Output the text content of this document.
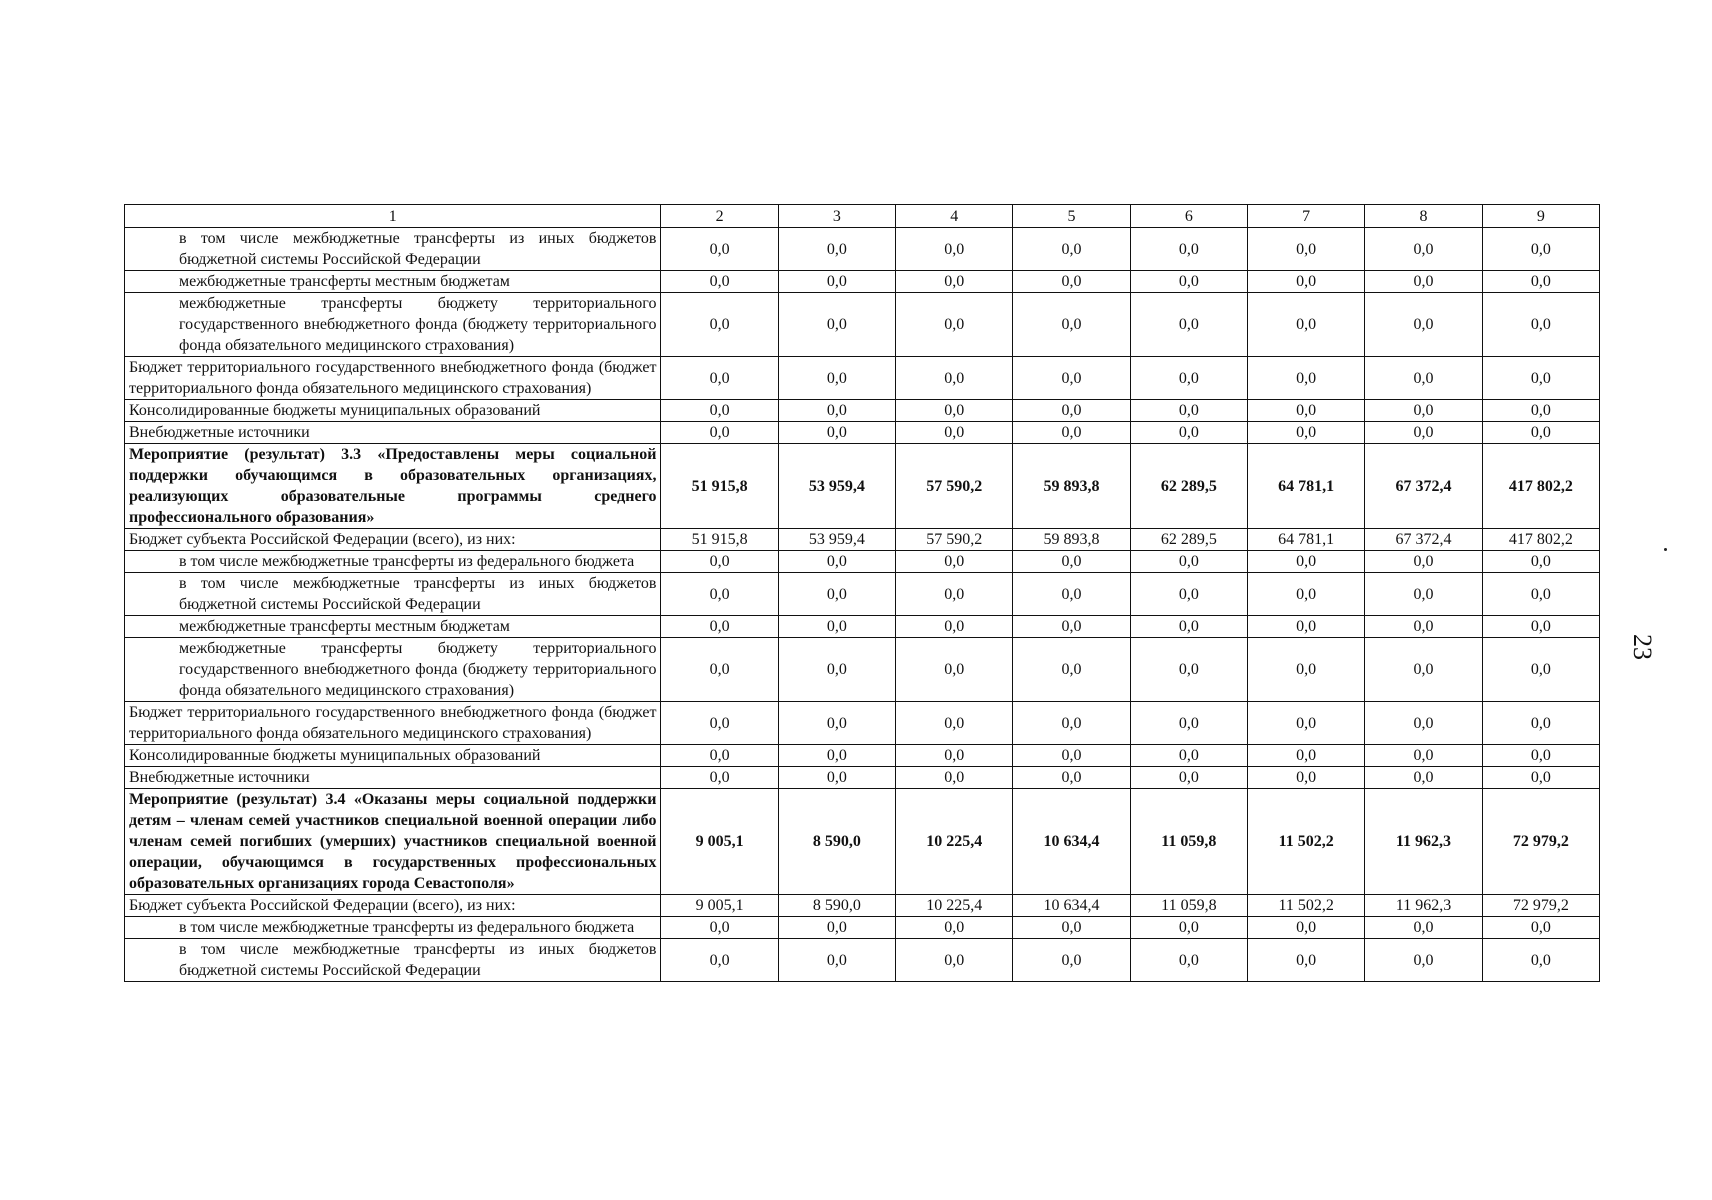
23
1	2	3	4	5	6	7	8	9
в том числе межбюджетные трансферты из иных бюджетов бюджетной системы Российской Федерации	0,0	0,0	0,0	0,0	0,0	0,0	0,0	0,0
межбюджетные трансферты местным бюджетам	0,0	0,0	0,0	0,0	0,0	0,0	0,0	0,0
межбюджетные трансферты бюджету территориального государственного внебюджетного фонда (бюджету территориального фонда обязательного медицинского страхования)	0,0	0,0	0,0	0,0	0,0	0,0	0,0	0,0
Бюджет территориального государственного внебюджетного фонда (бюджет территориального фонда обязательного медицинского страхования)	0,0	0,0	0,0	0,0	0,0	0,0	0,0	0,0
Консолидированные бюджеты муниципальных образований	0,0	0,0	0,0	0,0	0,0	0,0	0,0	0,0
Внебюджетные источники	0,0	0,0	0,0	0,0	0,0	0,0	0,0	0,0
Мероприятие (результат) 3.3 «Предоставлены меры социальной поддержки обучающимся в образовательных организациях, реализующих образовательные программы среднего профессионального образования»	51 915,8	53 959,4	57 590,2	59 893,8	62 289,5	64 781,1	67 372,4	417 802,2
Бюджет субъекта Российской Федерации (всего), из них:	51 915,8	53 959,4	57 590,2	59 893,8	62 289,5	64 781,1	67 372,4	417 802,2
в том числе межбюджетные трансферты из федерального бюджета	0,0	0,0	0,0	0,0	0,0	0,0	0,0	0,0
в том числе межбюджетные трансферты из иных бюджетов бюджетной системы Российской Федерации	0,0	0,0	0,0	0,0	0,0	0,0	0,0	0,0
межбюджетные трансферты местным бюджетам	0,0	0,0	0,0	0,0	0,0	0,0	0,0	0,0
межбюджетные трансферты бюджету территориального государственного внебюджетного фонда (бюджету территориального фонда обязательного медицинского страхования)	0,0	0,0	0,0	0,0	0,0	0,0	0,0	0,0
Бюджет территориального государственного внебюджетного фонда (бюджет территориального фонда обязательного медицинского страхования)	0,0	0,0	0,0	0,0	0,0	0,0	0,0	0,0
Консолидированные бюджеты муниципальных образований	0,0	0,0	0,0	0,0	0,0	0,0	0,0	0,0
Внебюджетные источники	0,0	0,0	0,0	0,0	0,0	0,0	0,0	0,0
Мероприятие (результат) 3.4 «Оказаны меры социальной поддержки детям – членам семей участников специальной военной операции либо членам семей погибших (умерших) участников специальной военной операции, обучающимся в государственных профессиональных образовательных организациях города Севастополя»	9 005,1	8 590,0	10 225,4	10 634,4	11 059,8	11 502,2	11 962,3	72 979,2
Бюджет субъекта Российской Федерации (всего), из них:	9 005,1	8 590,0	10 225,4	10 634,4	11 059,8	11 502,2	11 962,3	72 979,2
в том числе межбюджетные трансферты из федерального бюджета	0,0	0,0	0,0	0,0	0,0	0,0	0,0	0,0
в том числе межбюджетные трансферты из иных бюджетов бюджетной системы Российской Федерации	0,0	0,0	0,0	0,0	0,0	0,0	0,0	0,0
